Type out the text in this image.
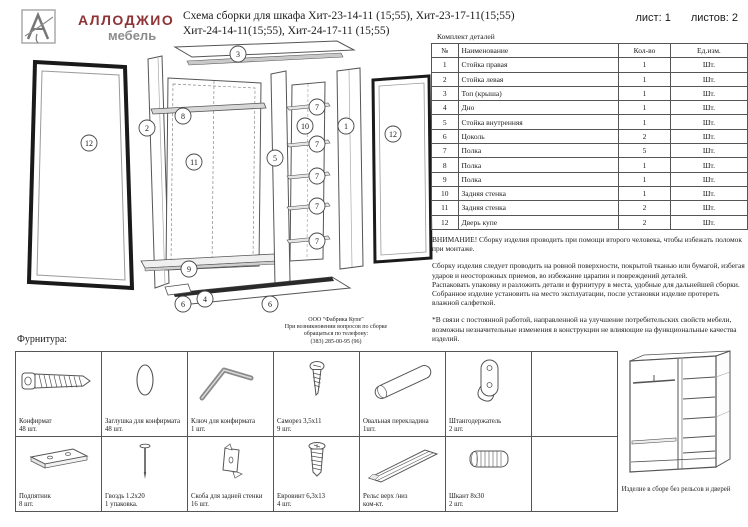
АЛЛОДЖИО
мебель
Схема сборки для шкафа Хит-23-14-11 (15;55), Хит-23-17-11(15;55)
Хит-24-14-11(15;55), Хит-24-17-11 (15;55)
лист: 1 листов: 2
12
2
8
11
9
3
5
10
7
7
7
7
7
1
12
6
4
6
Комплект деталей
№	Наименование	Кол-во	Ед.изм.
1	Стойка правая	1	Шт.
2	Стойка левая	1	Шт.
3	Топ (крыша)	1	Шт.
4	Дно	1	Шт.
5	Стойка внутренняя	1	Шт.
6	Цоколь	2	Шт.
7	Полка	5	Шт.
8	Полка	1	Шт.
9	Полка	1	Шт.
10	Задняя стенка	1	Шт.
11	Задняя стенка	2	Шт.
12	Дверь купе	2	Шт.

ВНИМАНИЕ! Сборку изделия проводить при помощи второго человека, чтобы избежать поломок при монтаже.

Сборку изделия следует проводить на ровной поверхности, покрытой тканью или бумагой, избегая ударов и неосторожных приемов, во избежание царапин и повреждений деталей.

Распаковать упаковку и разложить детали и фурнитуру в места, удобные для дальнейшей сборки.

Собранное изделие установить на место эксплуатации, после установки изделие протереть влажной салфеткой.

*В связи с постоянной работой, направленной на улучшение потребительских свойств мебели, возможны незначительные изменения в конструкции не влияющие на функциональные качества изделий.

ООО "Фабрика Купе"
При возникновении вопросов по сборке
обращаться по телефону:
(383) 285-00-95 (96)
Фурнитура:
Конфирмат
48 шт.
Заглушка для конфирмата
48 шт.
Ключ для конфирмата
1 шт.
Саморез 3,5х11
9 шт.
Овальная перекладина
1шт.
Штангодержатель
2 шт.
Подпятник
8 шт.
Гвоздь 1.2х20
1 упаковка.
Скоба для задней стенки
16 шт.
Евровинт 6,3х13
4 шт.
Рельс верх /низ
ком-кт.
Шкант 8х30
2 шт.
Изделие в сборе без рельсов и дверей
